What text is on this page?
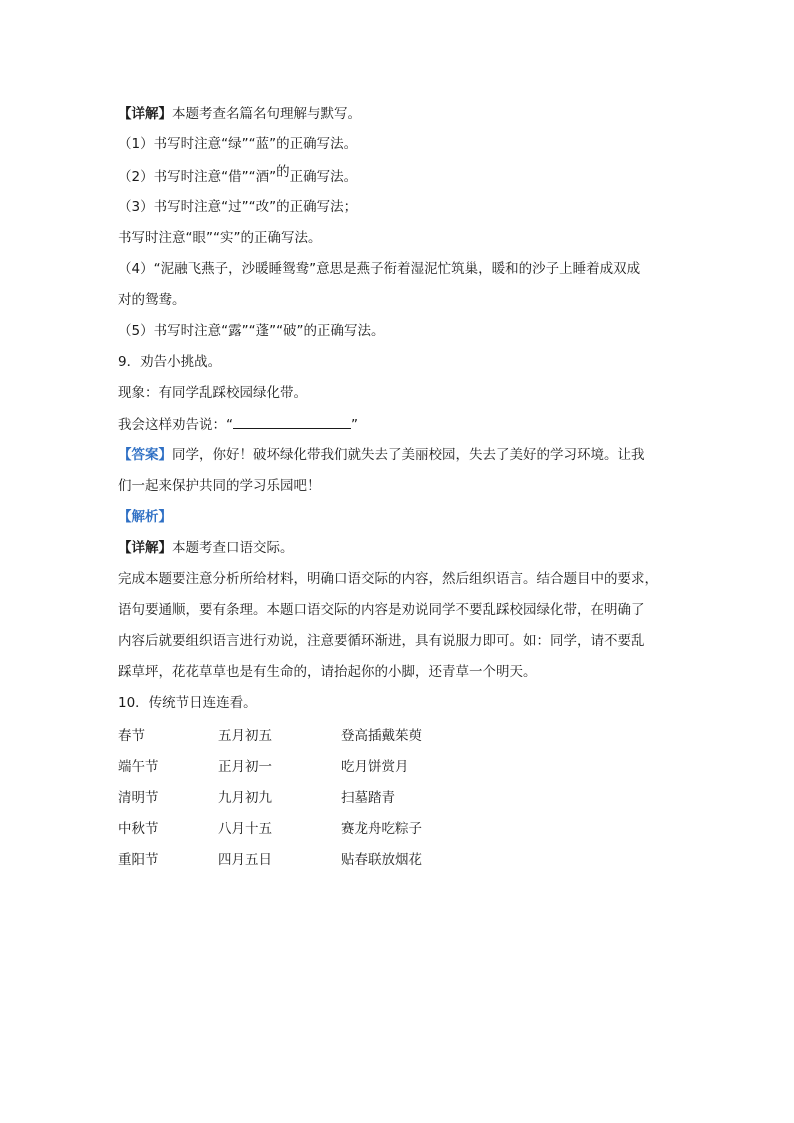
【详解】本题考查名篇名句理解与默写。
（1）书写时注意“绿”“蓝”的正确写法。
（2）书写时注意“借”“酒”的正确写法。
（3）书写时注意“过”“改”的正确写法；
书写时注意“眼”“实”的正确写法。
（4）“泥融飞燕子，沙暖睡鸳鸯”意思是燕子衔着湿泥忙筑巢，暖和的沙子上睡着成双成
对的鸳鸯。
（5）书写时注意“露”“蓬”“破”的正确写法。
9．劝告小挑战。
现象：有同学乱踩校园绿化带。
我会这样劝告说：“	”
【答案】同学，你好！破坏绿化带我们就失去了美丽校园，失去了美好的学习环境。让我
们一起来保护共同的学习乐园吧！
【解析】
【详解】本题考查口语交际。
完成本题要注意分析所给材料，明确口语交际的内容，然后组织语言。结合题目中的要求，
语句要通顺，要有条理。本题口语交际的内容是劝说同学不要乱踩校园绿化带，在明确了
内容后就要组织语言进行劝说，注意要循环渐进，具有说服力即可。如：同学，请不要乱
踩草坪，花花草草也是有生命的，请抬起你的小脚，还青草一个明天。
10．传统节日连连看。
春节	五月初五	登高插戴茱萸
端午节	正月初一	吃月饼赏月
清明节	九月初九	扫墓踏青
中秋节	八月十五	赛龙舟吃粽子
重阳节	四月五日	贴春联放烟花
